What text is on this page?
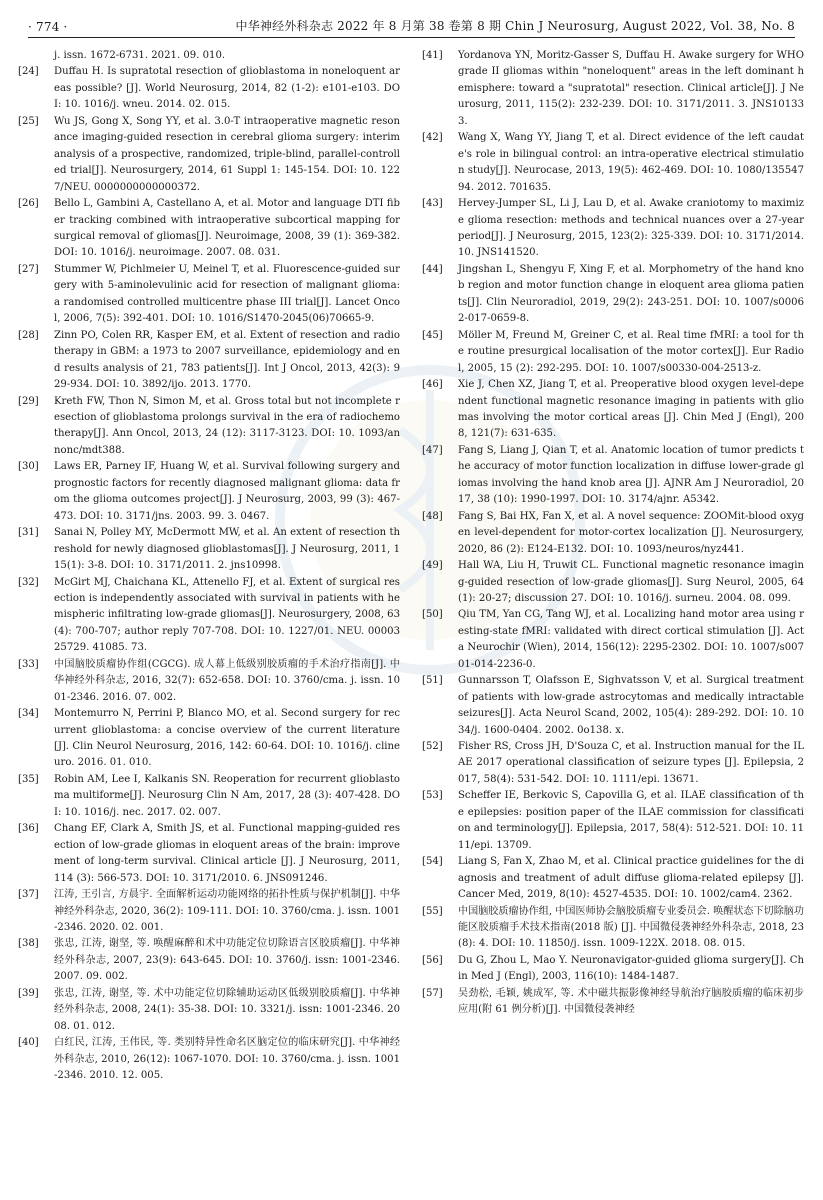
· 774 ·	中华神经外科杂志 2022 年 8 月第 38 卷第 8 期 Chin J Neurosurg, August 2022, Vol. 38, No. 8
j. issn. 1672-6731. 2021. 09. 010.
[24]	Duffau H. Is supratotal resection of glioblastoma in noneloquent areas possible? [J]. World Neurosurg, 2014, 82 (1-2): e101-e103. DOI: 10. 1016/j. wneu. 2014. 02. 015.
[25]	Wu JS, Gong X, Song YY, et al. 3.0-T intraoperative magnetic resonance imaging-guided resection in cerebral glioma surgery: interim analysis of a prospective, randomized, triple-blind, parallel-controlled trial[J]. Neurosurgery, 2014, 61 Suppl 1: 145-154. DOI: 10. 1227/NEU. 0000000000000372.
[26]	Bello L, Gambini A, Castellano A, et al. Motor and language DTI fiber tracking combined with intraoperative subcortical mapping for surgical removal of gliomas[J]. Neuroimage, 2008, 39 (1): 369-382. DOI: 10. 1016/j. neuroimage. 2007. 08. 031.
[27]	Stummer W, Pichlmeier U, Meinel T, et al. Fluorescence-guided surgery with 5-aminolevulinic acid for resection of malignant glioma: a randomised controlled multicentre phase III trial[J]. Lancet Oncol, 2006, 7(5): 392-401. DOI: 10. 1016/S1470-2045(06)70665-9.
[28]	Zinn PO, Colen RR, Kasper EM, et al. Extent of resection and radiotherapy in GBM: a 1973 to 2007 surveillance, epidemiology and end results analysis of 21, 783 patients[J]. Int J Oncol, 2013, 42(3): 929-934. DOI: 10. 3892/ijo. 2013. 1770.
[29]	Kreth FW, Thon N, Simon M, et al. Gross total but not incomplete resection of glioblastoma prolongs survival in the era of radiochemotherapy[J]. Ann Oncol, 2013, 24 (12): 3117-3123. DOI: 10. 1093/annonc/mdt388.
[30]	Laws ER, Parney IF, Huang W, et al. Survival following surgery and prognostic factors for recently diagnosed malignant glioma: data from the glioma outcomes project[J]. J Neurosurg, 2003, 99 (3): 467-473. DOI: 10. 3171/jns. 2003. 99. 3. 0467.
[31]	Sanai N, Polley MY, McDermott MW, et al. An extent of resection threshold for newly diagnosed glioblastomas[J]. J Neurosurg, 2011, 115(1): 3-8. DOI: 10. 3171/2011. 2. jns10998.
[32]	McGirt MJ, Chaichana KL, Attenello FJ, et al. Extent of surgical resection is independently associated with survival in patients with hemispheric infiltrating low-grade gliomas[J]. Neurosurgery, 2008, 63(4): 700-707; author reply 707-708. DOI: 10. 1227/01. NEU. 0000325729. 41085. 73.
[33]	中国脑胶质瘤协作组(CGCG). 成人幕上低级别胶质瘤的手术治疗指南[J]. 中华神经外科杂志, 2016, 32(7): 652-658. DOI: 10. 3760/cma. j. issn. 1001-2346. 2016. 07. 002.
[34]	Montemurro N, Perrini P, Blanco MO, et al. Second surgery for recurrent glioblastoma: a concise overview of the current literature [J]. Clin Neurol Neurosurg, 2016, 142: 60-64. DOI: 10. 1016/j. clineuro. 2016. 01. 010.
[35]	Robin AM, Lee I, Kalkanis SN. Reoperation for recurrent glioblastoma multiforme[J]. Neurosurg Clin N Am, 2017, 28 (3): 407-428. DOI: 10. 1016/j. nec. 2017. 02. 007.
[36]	Chang EF, Clark A, Smith JS, et al. Functional mapping-guided resection of low-grade gliomas in eloquent areas of the brain: improvement of long-term survival. Clinical article [J]. J Neurosurg, 2011, 114 (3): 566-573. DOI: 10. 3171/2010. 6. JNS091246.
[37]	江涛, 王引言, 方晨宇. 全面解析运动功能网络的拓扑性质与保护机制[J]. 中华神经外科杂志, 2020, 36(2): 109-111. DOI: 10. 3760/cma. j. issn. 1001-2346. 2020. 02. 001.
[38]	张忠, 江涛, 谢坚, 等. 唤醒麻醉和术中功能定位切除语言区胶质瘤[J]. 中华神经外科杂志, 2007, 23(9): 643-645. DOI: 10. 3760/j. issn: 1001-2346. 2007. 09. 002.
[39]	张忠, 江涛, 谢坚, 等. 术中功能定位切除辅助运动区低级别胶质瘤[J]. 中华神经外科杂志, 2008, 24(1): 35-38. DOI: 10. 3321/j. issn: 1001-2346. 2008. 01. 012.
[40]	白红民, 江涛, 王伟民, 等. 类别特异性命名区脑定位的临床研究[J]. 中华神经外科杂志, 2010, 26(12): 1067-1070. DOI: 10. 3760/cma. j. issn. 1001-2346. 2010. 12. 005.
[41]	Yordanova YN, Moritz-Gasser S, Duffau H. Awake surgery for WHO grade II gliomas within "noneloquent" areas in the left dominant hemisphere: toward a "supratotal" resection. Clinical article[J]. J Neurosurg, 2011, 115(2): 232-239. DOI: 10. 3171/2011. 3. JNS101333.
[42]	Wang X, Wang YY, Jiang T, et al. Direct evidence of the left caudate's role in bilingual control: an intra-operative electrical stimulation study[J]. Neurocase, 2013, 19(5): 462-469. DOI: 10. 1080/13554794. 2012. 701635.
[43]	Hervey-Jumper SL, Li J, Lau D, et al. Awake craniotomy to maximize glioma resection: methods and technical nuances over a 27-year period[J]. J Neurosurg, 2015, 123(2): 325-339. DOI: 10. 3171/2014. 10. JNS141520.
[44]	Jingshan L, Shengyu F, Xing F, et al. Morphometry of the hand knob region and motor function change in eloquent area glioma patients[J]. Clin Neuroradiol, 2019, 29(2): 243-251. DOI: 10. 1007/s00062-017-0659-8.
[45]	Möller M, Freund M, Greiner C, et al. Real time fMRI: a tool for the routine presurgical localisation of the motor cortex[J]. Eur Radiol, 2005, 15 (2): 292-295. DOI: 10. 1007/s00330-004-2513-z.
[46]	Xie J, Chen XZ, Jiang T, et al. Preoperative blood oxygen level-dependent functional magnetic resonance imaging in patients with gliomas involving the motor cortical areas [J]. Chin Med J (Engl), 2008, 121(7): 631-635.
[47]	Fang S, Liang J, Qian T, et al. Anatomic location of tumor predicts the accuracy of motor function localization in diffuse lower-grade gliomas involving the hand knob area [J]. AJNR Am J Neuroradiol, 2017, 38 (10): 1990-1997. DOI: 10. 3174/ajnr. A5342.
[48]	Fang S, Bai HX, Fan X, et al. A novel sequence: ZOOMit-blood oxygen level-dependent for motor-cortex localization [J]. Neurosurgery, 2020, 86 (2): E124-E132. DOI: 10. 1093/neuros/nyz441.
[49]	Hall WA, Liu H, Truwit CL. Functional magnetic resonance imaging-guided resection of low-grade gliomas[J]. Surg Neurol, 2005, 64(1): 20-27; discussion 27. DOI: 10. 1016/j. surneu. 2004. 08. 099.
[50]	Qiu TM, Yan CG, Tang WJ, et al. Localizing hand motor area using resting-state fMRI: validated with direct cortical stimulation [J]. Acta Neurochir (Wien), 2014, 156(12): 2295-2302. DOI: 10. 1007/s00701-014-2236-0.
[51]	Gunnarsson T, Olafsson E, Sighvatsson V, et al. Surgical treatment of patients with low-grade astrocytomas and medically intractable seizures[J]. Acta Neurol Scand, 2002, 105(4): 289-292. DOI: 10. 1034/j. 1600-0404. 2002. 0o138. x.
[52]	Fisher RS, Cross JH, D'Souza C, et al. Instruction manual for the ILAE 2017 operational classification of seizure types [J]. Epilepsia, 2017, 58(4): 531-542. DOI: 10. 1111/epi. 13671.
[53]	Scheffer IE, Berkovic S, Capovilla G, et al. ILAE classification of the epilepsies: position paper of the ILAE commission for classification and terminology[J]. Epilepsia, 2017, 58(4): 512-521. DOI: 10. 1111/epi. 13709.
[54]	Liang S, Fan X, Zhao M, et al. Clinical practice guidelines for the diagnosis and treatment of adult diffuse glioma-related epilepsy [J]. Cancer Med, 2019, 8(10): 4527-4535. DOI: 10. 1002/cam4. 2362.
[55]	中国脑胶质瘤协作组, 中国医师协会脑胶质瘤专业委员会. 唤醒状态下切除脑功能区胶质瘤手术技术指南(2018 版) [J]. 中国微侵袭神经外科杂志, 2018, 23(8): 4. DOI: 10. 11850/j. issn. 1009-122X. 2018. 08. 015.
[56]	Du G, Zhou L, Mao Y. Neuronavigator-guided glioma surgery[J]. Chin Med J (Engl), 2003, 116(10): 1484-1487.
[57]	吴劲松, 毛颖, 姚成军, 等. 术中磁共振影像神经导航治疗脑胶质瘤的临床初步应用(附 61 例分析)[J]. 中国微侵袭神经
